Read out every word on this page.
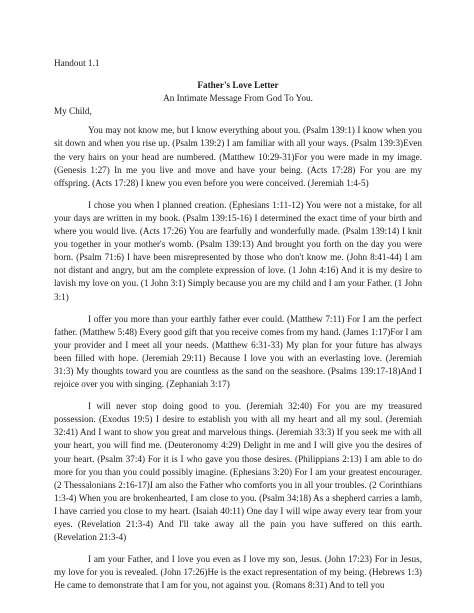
Handout 1.1

Father's Love Letter

An Intimate Message From God To You.

My Child,

You may not know me, but I know everything about you. (Psalm 139:1) I know when you sit down and when you rise up. (Psalm 139:2) I am familiar with all your ways. (Psalm 139:3)Even the very hairs on your head are numbered. (Matthew 10:29-31)For you were made in my image. (Genesis 1:27) In me you live and move and have your being. (Acts 17:28) For you are my offspring. (Acts 17:28) I knew you even before you were conceived. (Jeremiah 1:4-5)

I chose you when I planned creation. (Ephesians 1:11-12) You were not a mistake, for all your days are written in my book. (Psalm 139:15-16) I determined the exact time of your birth and where you would live. (Acts 17:26) You are fearfully and wonderfully made. (Psalm 139:14) I knit you together in your mother's womb. (Psalm 139:13) And brought you forth on the day you were born. (Psalm 71:6) I have been misrepresented by those who don't know me. (John 8:41-44) I am not distant and angry, but am the complete expression of love. (1 John 4:16) And it is my desire to lavish my love on you. (1 John 3:1) Simply because you are my child and I am your Father. (1 John 3:1)

I offer you more than your earthly father ever could. (Matthew 7:11) For I am the perfect father. (Matthew 5:48) Every good gift that you receive comes from my hand. (James 1:17)For I am your provider and I meet all your needs. (Matthew 6:31-33) My plan for your future has always been filled with hope. (Jeremiah 29:11) Because I love you with an everlasting love. (Jeremiah 31:3) My thoughts toward you are countless as the sand on the seashore. (Psalms 139:17-18)And I rejoice over you with singing. (Zephaniah 3:17)

I will never stop doing good to you. (Jeremiah 32:40) For you are my treasured possession. (Exodus 19:5) I desire to establish you with all my heart and all my soul. (Jeremiah 32:41) And I want to show you great and marvelous things. (Jeremiah 33:3) If you seek me with all your heart, you will find me. (Deuteronomy 4:29) Delight in me and I will give you the desires of your heart. (Psalm 37:4) For it is I who gave you those desires. (Philippians 2:13) I am able to do more for you than you could possibly imagine. (Ephesians 3:20) For I am your greatest encourager. (2 Thessalonians 2:16-17)I am also the Father who comforts you in all your troubles. (2 Corinthians 1:3-4) When you are brokenhearted, I am close to you. (Psalm 34:18) As a shepherd carries a lamb, I have carried you close to my heart. (Isaiah 40:11) One day I will wipe away every tear from your eyes. (Revelation 21:3-4) And I'll take away all the pain you have suffered on this earth. (Revelation 21:3-4)

I am your Father, and I love you even as I love my son, Jesus. (John 17:23) For in Jesus, my love for you is revealed. (John 17:26)He is the exact representation of my being. (Hebrews 1:3) He came to demonstrate that I am for you, not against you. (Romans 8:31) And to tell you
